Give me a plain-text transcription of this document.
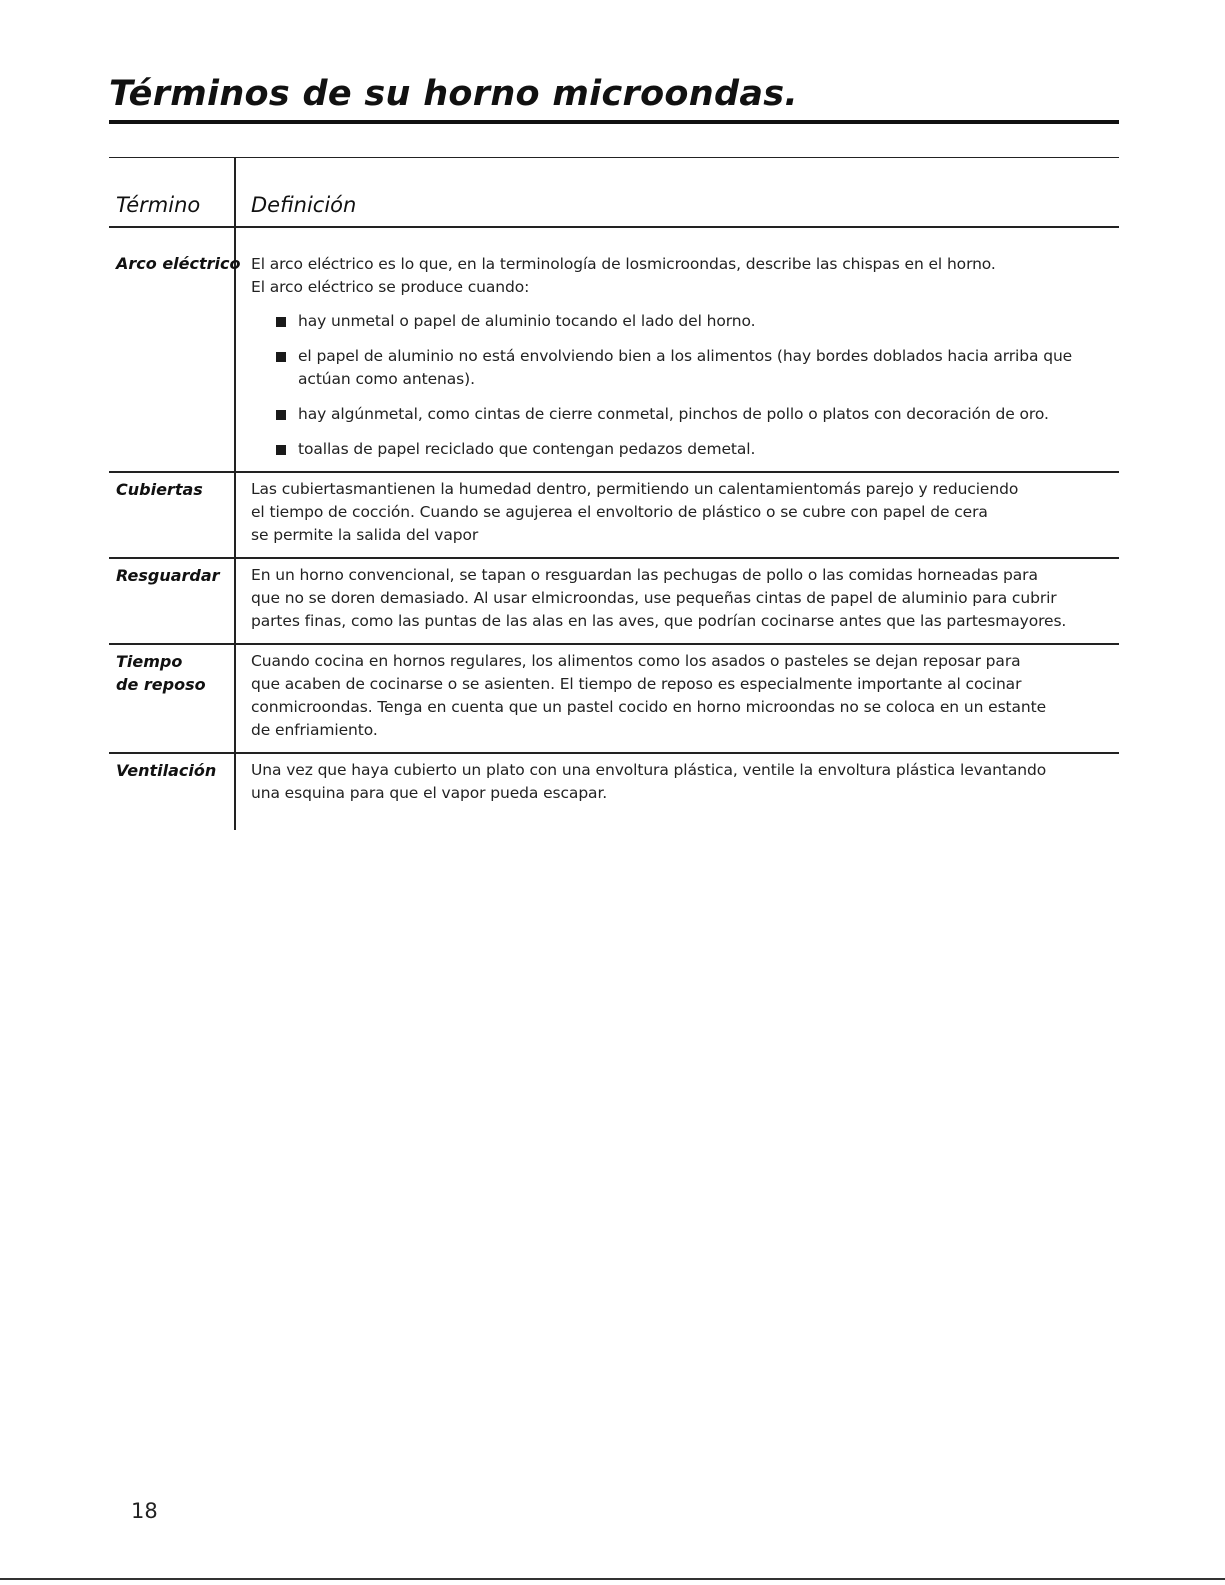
Términos de su horno microondas.
Término Definición
Arco eléctrico El arco eléctrico es lo que, en la terminología de losmicroondas, describe las chispas en el horno.

El arco eléctrico se produce cuando:

hay unmetal o papel de aluminio tocando el lado del horno.
el papel de aluminio no está envolviendo bien a los alimentos (hay bordes doblados hacia arriba que actúan como antenas).
hay algúnmetal, como cintas de cierre conmetal, pinchos de pollo o platos con decoración de oro.
toallas de papel reciclado que contengan pedazos demetal.
Cubiertas	Las cubiertasmantienen la humedad dentro, permitiendo un calentamientomás parejo y reduciendo

el tiempo de cocción. Cuando se agujerea el envoltorio de plástico o se cubre con papel de cera

se permite la salida del vapor

Resguardar En un horno convencional, se tapan o resguardan las pechugas de pollo o las comidas horneadas para

que no se doren demasiado. Al usar elmicroondas, use pequeñas cintas de papel de aluminio para cubrir

partes finas, como las puntas de las alas en las aves, que podrían cocinarse antes que las partesmayores.

Tiempo
de reposo

Cuando cocina en hornos regulares, los alimentos como los asados o pasteles se dejan reposar para

que acaben de cocinarse o se asienten. El tiempo de reposo es especialmente importante al cocinar

conmicroondas. Tenga en cuenta que un pastel cocido en horno microondas no se coloca en un estante

de enfriamiento.

Ventilación Una vez que haya cubierto un plato con una envoltura plástica, ventile la envoltura plástica levantando

una esquina para que el vapor pueda escapar.

18
